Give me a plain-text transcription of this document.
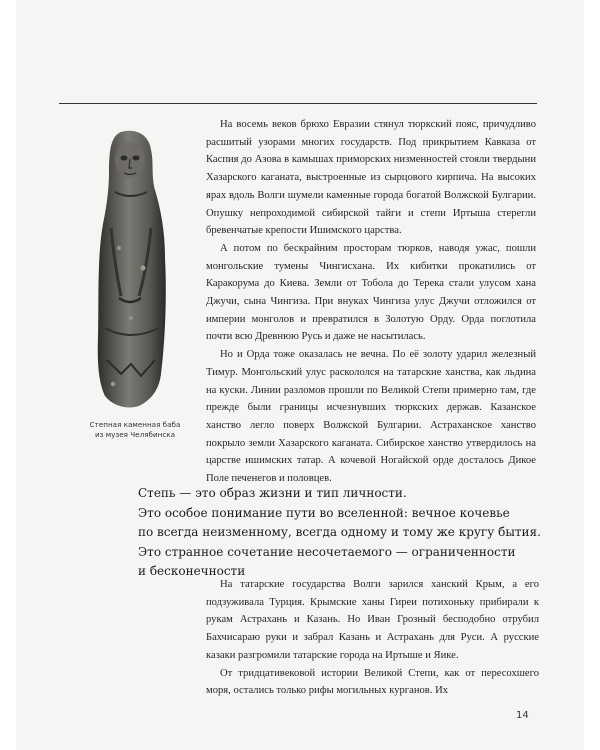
Степная каменная баба
из музея Челябинска

На восемь веков брюхо Евразии стянул тюркский пояс, причудливо расшитый узорами многих государств. Под прикрытием Кавказа от Каспия до Азова в камышах приморских низменностей стояли твердыни Хазарского каганата, выстроенные из сырцового кирпича. На высоких ярах вдоль Волги шумели каменные города богатой Волжской Булгарии. Опушку непроходимой сибирской тайги и степи Иртыша стерегли бревенчатые крепости Ишимского царства.

А потом по бескрайним просторам тюрков, наводя ужас, пошли монгольские тумены Чингисхана. Их кибитки прокатились от Каракорума до Киева. Земли от Тобола до Терека стали улусом хана Джучи, сына Чингиза. При внуках Чингиза улус Джучи отложился от империи монголов и превратился в Золотую Орду. Орда поглотила почти всю Древнюю Русь и даже не насытилась.

Но и Орда тоже оказалась не вечна. По её золоту ударил железный Тимур. Монгольский улус раскололся на татарские ханства, как льдина на куски. Линии разломов прошли по Великой Степи примерно там, где прежде были границы исчезнувших тюркских держав. Казанское ханство легло поверх Волжской Булгарии. Астраханское ханство покрыло земли Хазарского каганата. Сибирское ханство утвердилось на царстве ишимских татар. А кочевой Ногайской орде досталось Дикое Поле печенегов и половцев.

Степь — это образ жизни и тип личности.
Это особое понимание пути во вселенной: вечное кочевье
по всегда неизменному, всегда одному и тому же кругу бытия.
Это странное сочетание несочетаемого — ограниченности
и бесконечности

На татарские государства Волги зарился ханский Крым, а его подзуживала Турция. Крымские ханы Гиреи потихоньку прибирали к рукам Астрахань и Казань. Но Иван Грозный бесподобно отрубил Бахчисараю руки и забрал Казань и Астрахань для Руси. А русские казаки разгромили татарские города на Иртыше и Яике.

От тридцативековой истории Великой Степи, как от пересохшего моря, остались только рифы могильных курганов. Их

14
